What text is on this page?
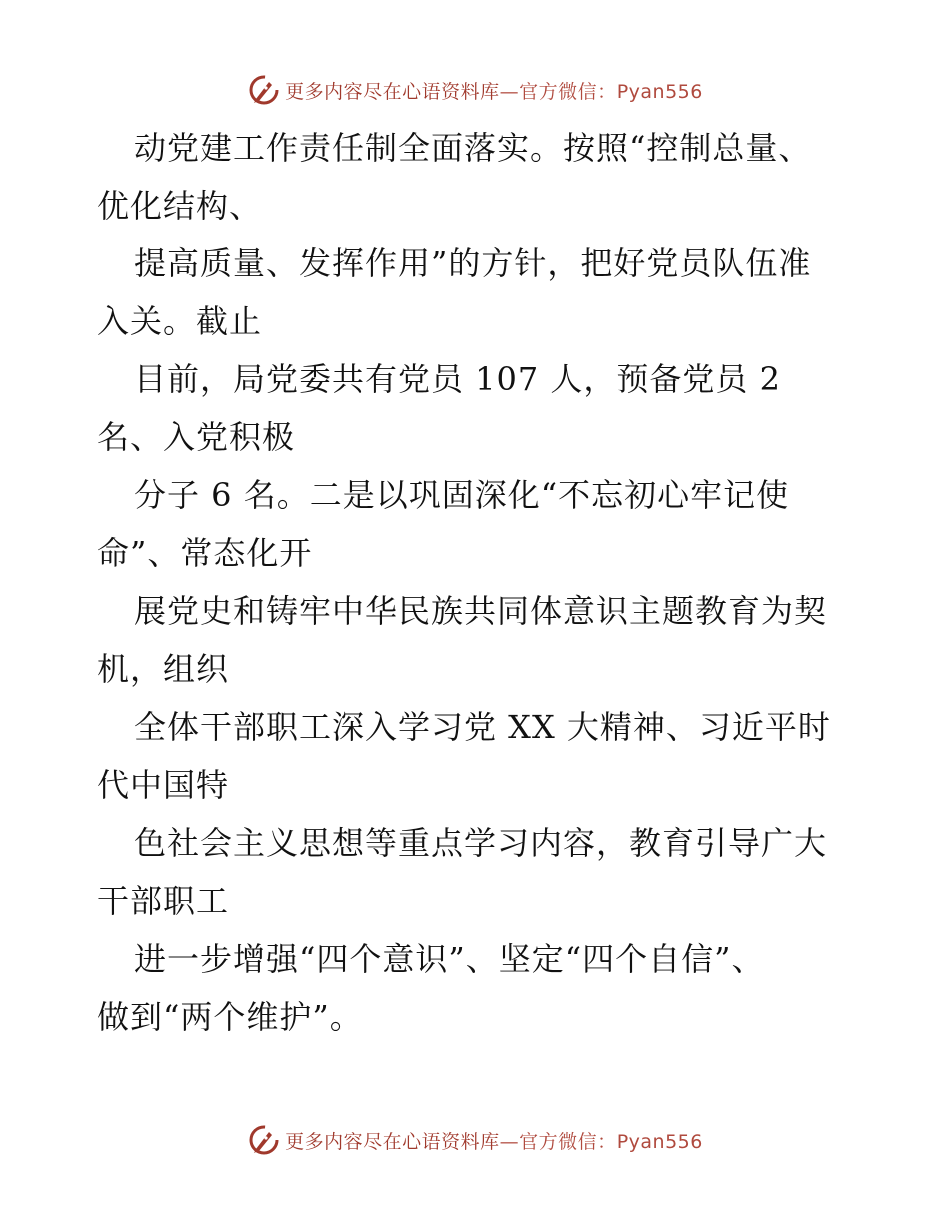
更多内容尽在心语资料库—官方微信：Pyan556
动党建工作责任制全面落实。按照“控制总量、
优化结构、
提高质量、发挥作用”的方针，把好党员队伍准
入关。截止
目前，局党委共有党员 107 人，预备党员 2
名、入党积极
分子 6 名。二是以巩固深化“不忘初心牢记使
命”、常态化开
展党史和铸牢中华民族共同体意识主题教育为契
机，组织
全体干部职工深入学习党 XX 大精神、习近平时
代中国特
色社会主义思想等重点学习内容，教育引导广大
干部职工
进一步增强“四个意识”、坚定“四个自信”、
做到“两个维护”。
更多内容尽在心语资料库—官方微信：Pyan556
